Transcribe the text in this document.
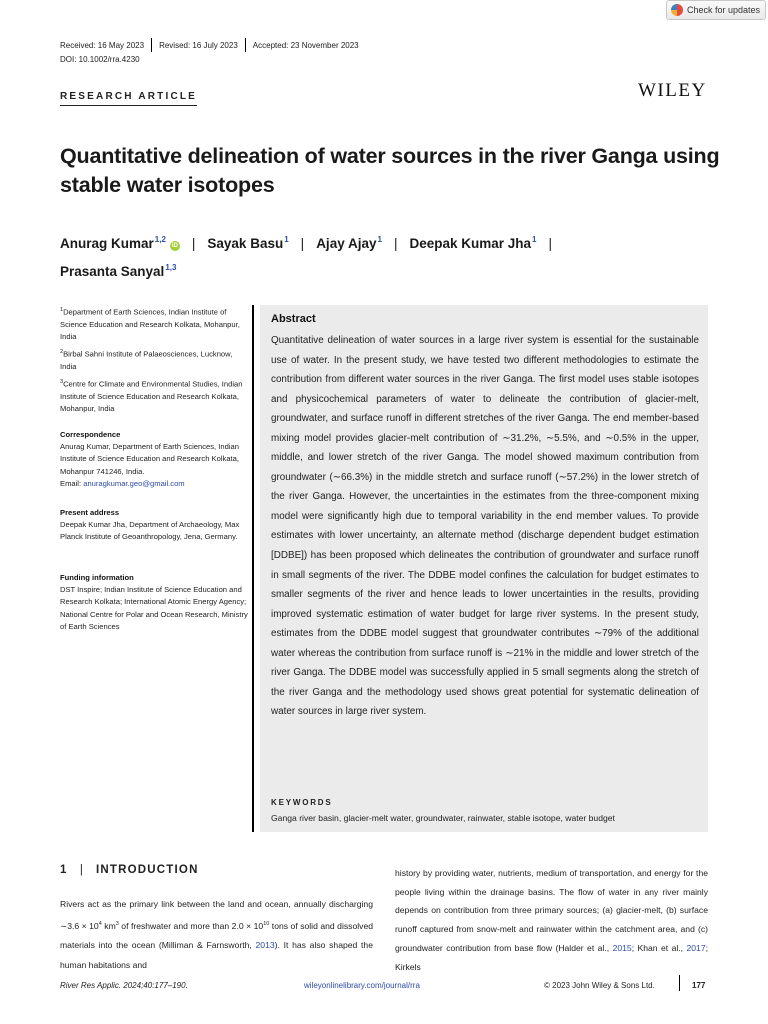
Check for updates
Received: 16 May 2023 Revised: 16 July 2023 Accepted: 23 November 2023
DOI: 10.1002/rra.4230
RESEARCH ARTICLE	WILEY
Quantitative delineation of water sources in the river Ganga using stable water isotopes
Anurag Kumar$^{1,2}$iD | Sayak Basu$^1$ | Ajay Ajay$^1$ | Deepak Kumar Jha$^1$ |
Prasanta Sanyal$^{1,3}$
$^1$Department of Earth Sciences, Indian Institute of Science Education and Research Kolkata, Mohanpur, India
$^2$Birbal Sahni Institute of Palaeosciences, Lucknow, India
$^3$Centre for Climate and Environmental Studies, Indian Institute of Science Education and Research Kolkata, Mohanpur, India
Correspondence
Anurag Kumar, Department of Earth Sciences, Indian Institute of Science Education and Research Kolkata, Mohanpur 741246, India.
Email: anuragkumar.geo@gmail.com
Present address
Deepak Kumar Jha, Department of Archaeology, Max Planck Institute of Geoanthropology, Jena, Germany.
Funding information
DST Inspire; Indian Institute of Science Education and Research Kolkata; International Atomic Energy Agency; National Centre for Polar and Ocean Research, Ministry of Earth Sciences
Abstract
Quantitative delineation of water sources in a large river system is essential for the sustainable use of water. In the present study, we have tested two different methodologies to estimate the contribution from different water sources in the river Ganga. The first model uses stable isotopes and physicochemical parameters of water to delineate the contribution of glacier-melt, groundwater, and surface runoff in different stretches of the river Ganga. The end member-based mixing model provides glacier-melt contribution of ∼31.2%, ∼5.5%, and ∼0.5% in the upper, middle, and lower stretch of the river Ganga. The model showed maximum contribution from groundwater (∼66.3%) in the middle stretch and surface runoff (∼57.2%) in the lower stretch of the river Ganga. However, the uncertainties in the estimates from the three-component mixing model were significantly high due to temporal variability in the end member values. To provide estimates with lower uncertainty, an alternate method (discharge dependent budget estimation [DDBE]) has been proposed which delineates the contribution of groundwater and surface runoff in small segments of the river. The DDBE model confines the calculation for budget estimates to smaller segments of the river and hence leads to lower uncertainties in the results, providing improved systematic estimation of water budget for large river systems. In the present study, estimates from the DDBE model suggest that groundwater contributes ∼79% of the additional water whereas the contribution from surface runoff is ∼21% in the middle and lower stretch of the river Ganga. The DDBE model was successfully applied in 5 small segments along the stretch of the river Ganga and the methodology used shows great potential for systematic delineation of water sources in large river system.
KEYWORDS
Ganga river basin, glacier-melt water, groundwater, rainwater, stable isotope, water budget
1 | INTRODUCTION
Rivers act as the primary link between the land and ocean, annually discharging ∼3.6 × $10^4$ $km^3$ of freshwater and more than $2.0 \times 10^{10}$ tons of solid and dissolved materials into the ocean (Milliman & Farnsworth, 2013). It has also shaped the human habitations and
history by providing water, nutrients, medium of transportation, and energy for the people living within the drainage basins. The flow of water in any river mainly depends on contribution from three primary sources; (a) glacier-melt, (b) surface runoff captured from snow-melt and rainwater within the catchment area, and (c) groundwater contribution from base flow (Halder et al., 2015; Khan et al., 2017; Kirkels
River Res Applic. 2024;40:177–190.	wileyonlinelibrary.com/journal/rra	© 2023 John Wiley & Sons Ltd.	177
